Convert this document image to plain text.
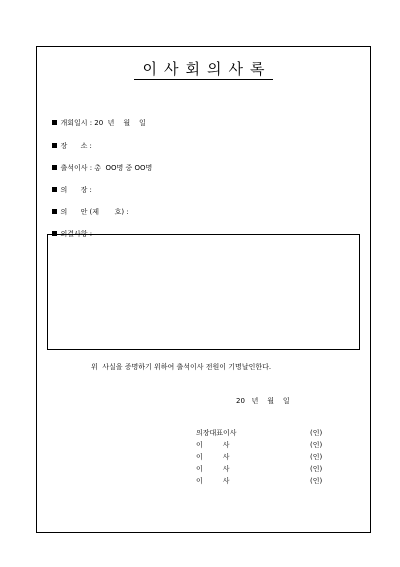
이사회의사록

개회일시 : 20  년    월    일

장      소 :

출석이사 : 총  OO명 중 OO명

의      장 :

의      안 (제       호) :

의결사항 :

위  사실을 증명하기 위하여 출석이사 전원이 기명날인한다.
20   년    월    일
의장대표이사	(인)
이         사	(인)
이         사	(인)
이         사	(인)
이         사	(인)
